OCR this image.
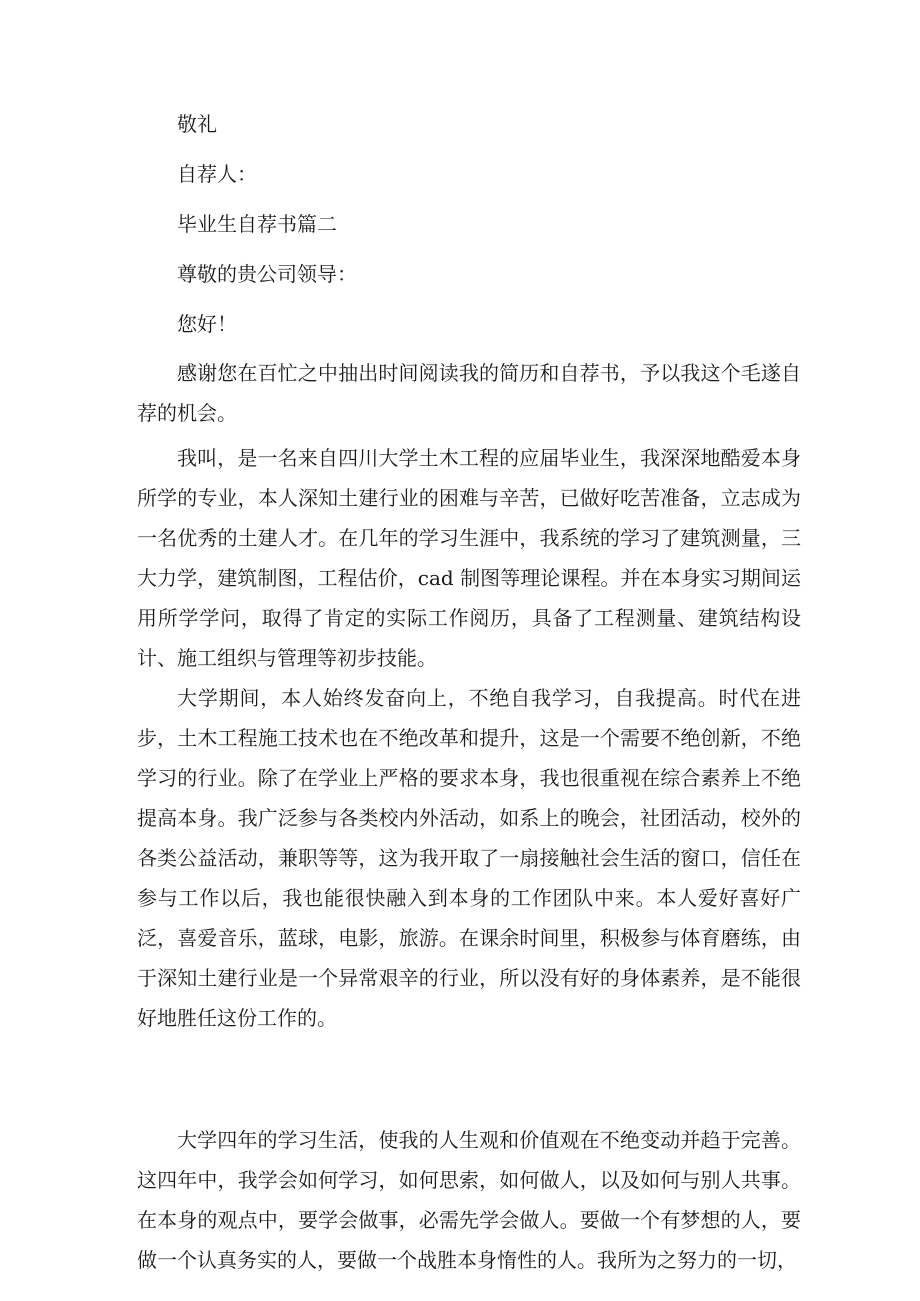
敬礼
自荐人：
毕业生自荐书篇二
尊敬的贵公司领导：
您好！

感谢您在百忙之中抽出时间阅读我的简历和自荐书，予以我这个毛遂自荐的机会。

我叫，是一名来自四川大学土木工程的应届毕业生，我深深地酷爱本身所学的专业，本人深知土建行业的困难与辛苦，已做好吃苦准备，立志成为一名优秀的土建人才。在几年的学习生涯中，我系统的学习了建筑测量，三大力学，建筑制图，工程估价，cad 制图等理论课程。并在本身实习期间运用所学学问，取得了肯定的实际工作阅历，具备了工程测量、建筑结构设计、施工组织与管理等初步技能。

大学期间，本人始终发奋向上，不绝自我学习，自我提高。时代在进步，土木工程施工技术也在不绝改革和提升，这是一个需要不绝创新，不绝学习的行业。除了在学业上严格的要求本身，我也很重视在综合素养上不绝提高本身。我广泛参与各类校内外活动，如系上的晚会，社团活动，校外的各类公益活动，兼职等等，这为我开取了一扇接触社会生活的窗口，信任在参与工作以后，我也能很快融入到本身的工作团队中来。本人爱好喜好广泛，喜爱音乐，蓝球，电影，旅游。在课余时间里，积极参与体育磨练，由于深知土建行业是一个异常艰辛的行业，所以没有好的身体素养，是不能很好地胜任这份工作的。

大学四年的学习生活，使我的人生观和价值观在不绝变动并趋于完善。这四年中，我学会如何学习，如何思索，如何做人，以及如何与别人共事。在本身的观点中，要学会做事，必需先学会做人。要做一个有梦想的人，要做一个认真务实的人，要做一个战胜本身惰性的人。我所为之努力的一切，
